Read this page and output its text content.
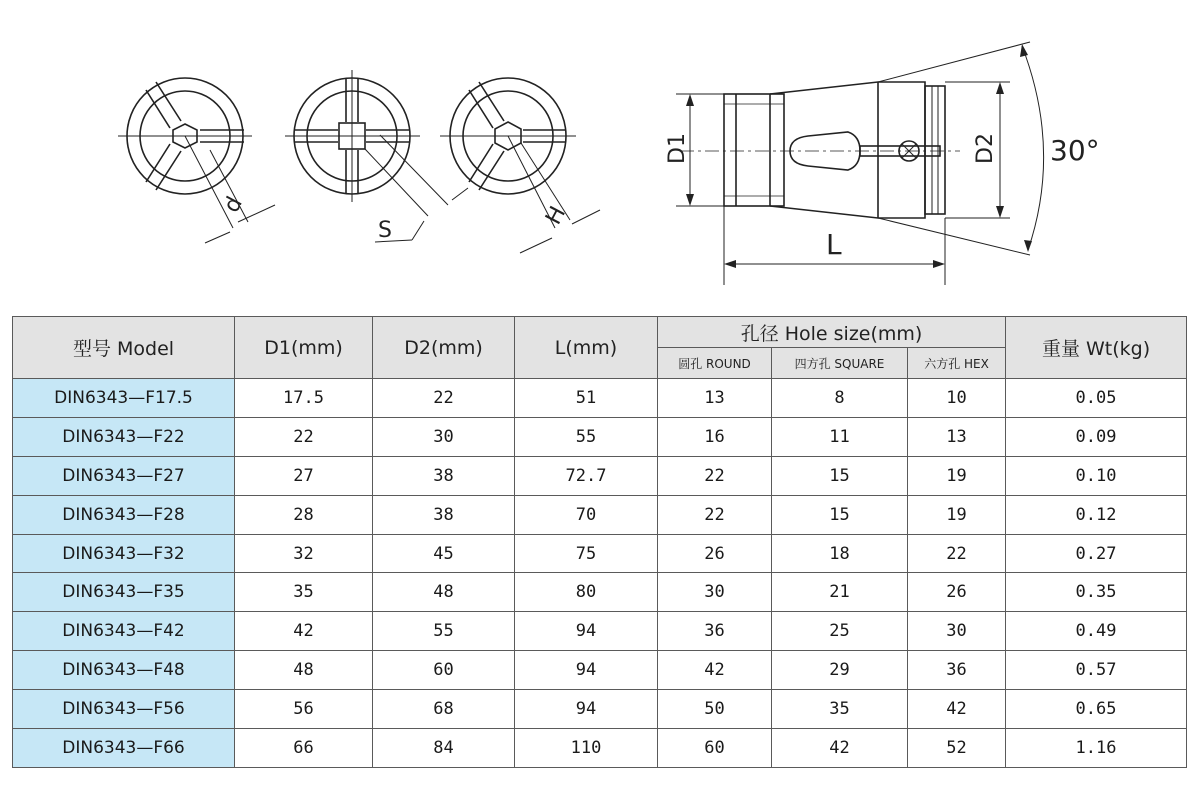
d
S
H
D1	D2
L
30°
型号 Model	D1(mm)	D2(mm)	L(mm)	孔径 Hole size(mm)			重量 Wt(kg)
				圆孔 ROUND	四方孔 SQUARE	六方孔 HEX	
DIN6343—F17.5	17.5	22	51	13	8	10	0.05
DIN6343—F22	22	30	55	16	11	13	0.09
DIN6343—F27	27	38	72.7	22	15	19	0.10
DIN6343—F28	28	38	70	22	15	19	0.12
DIN6343—F32	32	45	75	26	18	22	0.27
DIN6343—F35	35	48	80	30	21	26	0.35
DIN6343—F42	42	55	94	36	25	30	0.49
DIN6343—F48	48	60	94	42	29	36	0.57
DIN6343—F56	56	68	94	50	35	42	0.65
DIN6343—F66	66	84	110	60	42	52	1.16
